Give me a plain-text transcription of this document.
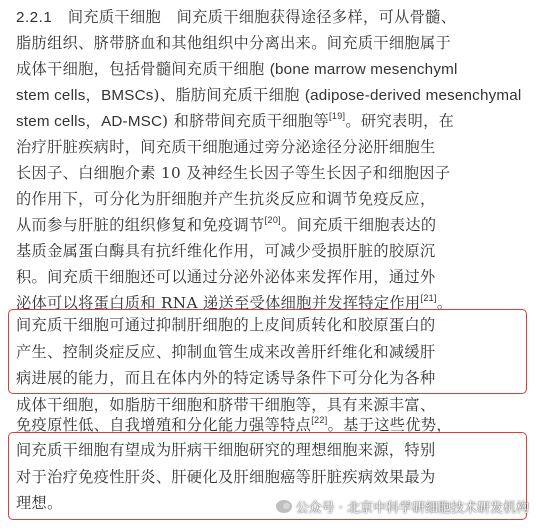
2.2.1　间充质干细胞　间充质干细胞获得途径多样，可从骨髓、
脂肪组织、脐带脐血和其他组织中分离出来。间充质干细胞属于
成体干细胞，包括骨髓间充质干细胞 (bone marrow mesenchyml
stem cells，BMSCs)、脂肪间充质干细胞 (adipose-derived mesenchymal
stem cells，AD-MSC) 和脐带间充质干细胞等[19]。研究表明，在
治疗肝脏疾病时，间充质干细胞通过旁分泌途径分泌肝细胞生
长因子、白细胞介素 10 及神经生长因子等生长因子和细胞因子
的作用下，可分化为肝细胞并产生抗炎反应和调节免疫反应，
从而参与肝脏的组织修复和免疫调节[20]。间充质干细胞表达的
基质金属蛋白酶具有抗纤维化作用，可减少受损肝脏的胶原沉
积。间充质干细胞还可以通过分泌外泌体来发挥作用，通过外
泌体可以将蛋白质和 RNA 递送至受体细胞并发挥特定作用[21]。
间充质干细胞可通过抑制肝细胞的上皮间质转化和胶原蛋白的
产生、控制炎症反应、抑制血管生成来改善肝纤维化和减缓肝
病进展的能力，而且在体内外的特定诱导条件下可分化为各种
成体干细胞，如脂肪干细胞和脐带干细胞等，具有来源丰富、
免疫原性低、自我增殖和分化能力强等特点[22]。基于这些优势，
间充质干细胞有望成为肝病干细胞研究的理想细胞来源，特别
对于治疗免疫性肝炎、肝硬化及肝细胞癌等肝脏疾病效果最为
理想。	公众号 · 北京中科学研细胞技术研发机构
